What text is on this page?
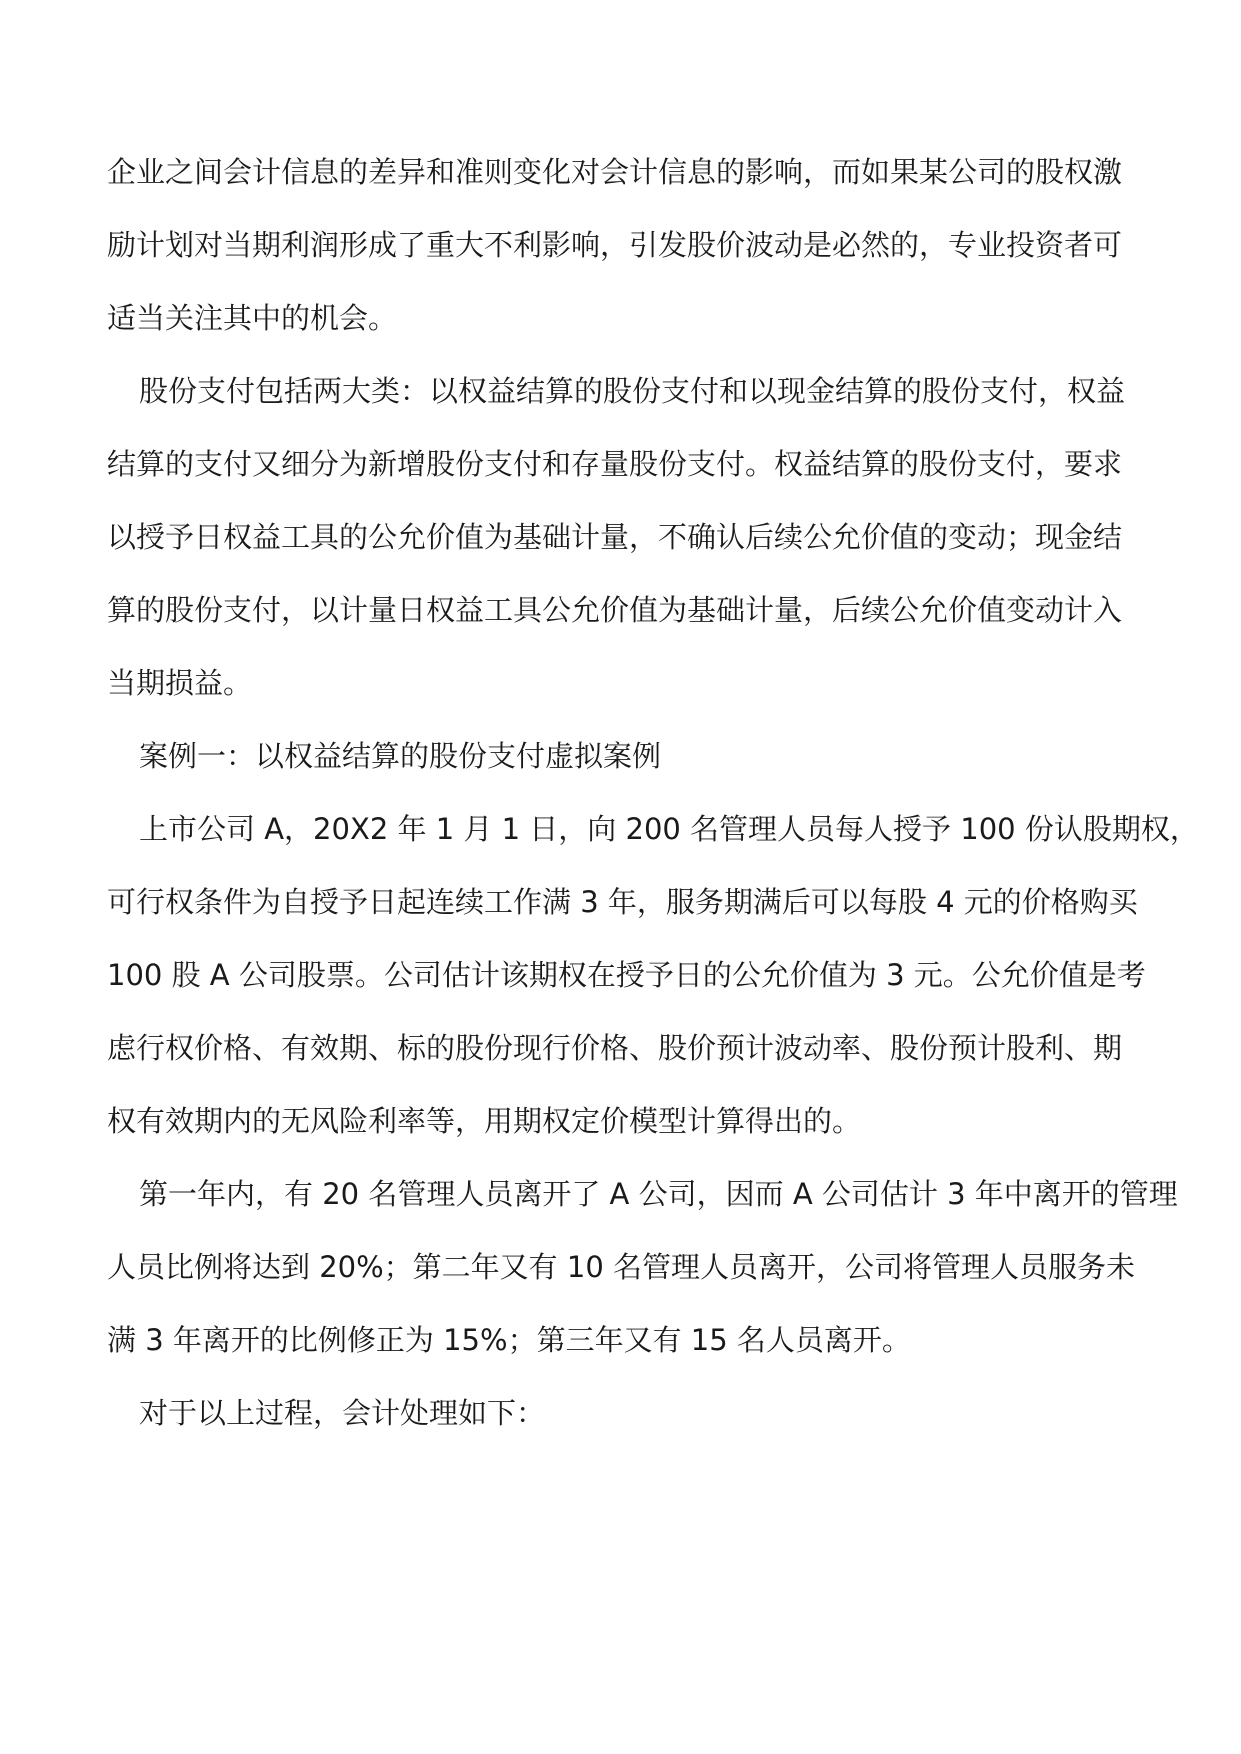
企业之间会计信息的差异和准则变化对会计信息的影响，而如果某公司的股权激
励计划对当期利润形成了重大不利影响，引发股价波动是必然的，专业投资者可
适当关注其中的机会。
股份支付包括两大类：以权益结算的股份支付和以现金结算的股份支付，权益
结算的支付又细分为新增股份支付和存量股份支付。权益结算的股份支付，要求
以授予日权益工具的公允价值为基础计量，不确认后续公允价值的变动；现金结
算的股份支付，以计量日权益工具公允价值为基础计量，后续公允价值变动计入
当期损益。
案例一：以权益结算的股份支付虚拟案例
上市公司 A，20X2 年 1 月 1 日，向 200 名管理人员每人授予 100 份认股期权，
可行权条件为自授予日起连续工作满 3 年，服务期满后可以每股 4 元的价格购买
100 股 A 公司股票。公司估计该期权在授予日的公允价值为 3 元。公允价值是考
虑行权价格、有效期、标的股份现行价格、股价预计波动率、股份预计股利、期
权有效期内的无风险利率等，用期权定价模型计算得出的。
第一年内，有 20 名管理人员离开了 A 公司，因而 A 公司估计 3 年中离开的管理
人员比例将达到 20%；第二年又有 10 名管理人员离开，公司将管理人员服务未
满 3 年离开的比例修正为 15%；第三年又有 15 名人员离开。
对于以上过程，会计处理如下：
